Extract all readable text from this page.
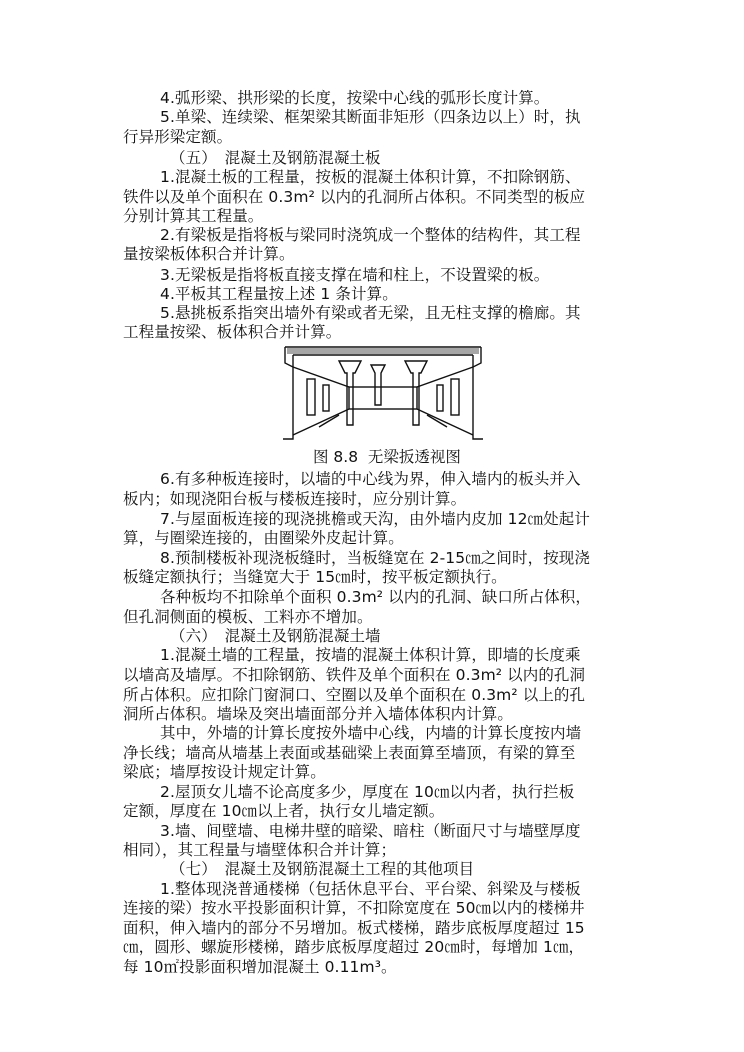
4.弧形梁、拱形梁的长度，按梁中心线的弧形长度计算。
5.单梁、连续梁、框架梁其断面非矩形（四条边以上）时，执
行异形梁定额。
（五）　混凝土及钢筋混凝土板
1.混凝土板的工程量，按板的混凝土体积计算，不扣除钢筋、
铁件以及单个面积在 0.3m² 以内的孔洞所占体积。不同类型的板应
分别计算其工程量。
2.有梁板是指将板与梁同时浇筑成一个整体的结构件，其工程
量按梁板体积合并计算。
3.无梁板是指将板直接支撑在墙和柱上，不设置梁的板。
4.平板其工程量按上述 1 条计算。
5.悬挑板系指突出墙外有梁或者无梁，且无柱支撑的檐廊。其
工程量按梁、板体积合并计算。
6.有多种板连接时，以墙的中心线为界，伸入墙内的板头并入
板内；如现浇阳台板与楼板连接时，应分别计算。
7.与屋面板连接的现浇挑檐或天沟，由外墙内皮加 12㎝处起计
算，与圈梁连接的，由圈梁外皮起计算。
8.预制楼板补现浇板缝时，当板缝宽在 2-15㎝之间时，按现浇
板缝定额执行；当缝宽大于 15㎝时，按平板定额执行。
各种板均不扣除单个面积 0.3m² 以内的孔洞、缺口所占体积，
但孔洞侧面的模板、工料亦不增加。
（六）　混凝土及钢筋混凝土墙
1.混凝土墙的工程量，按墙的混凝土体积计算，即墙的长度乘
以墙高及墙厚。不扣除钢筋、铁件及单个面积在 0.3m² 以内的孔洞
所占体积。应扣除门窗洞口、空圈以及单个面积在 0.3m² 以上的孔
洞所占体积。墙垛及突出墙面部分并入墙体体积内计算。
其中，外墙的计算长度按外墙中心线，内墙的计算长度按内墙
净长线；墙高从墙基上表面或基础梁上表面算至墙顶，有梁的算至
梁底；墙厚按设计规定计算。
2.屋顶女儿墙不论高度多少，厚度在 10㎝以内者，执行拦板
定额，厚度在 10㎝以上者，执行女儿墙定额。
3.墙、间壁墙、电梯井壁的暗梁、暗柱（断面尺寸与墙壁厚度
相同），其工程量与墙壁体积合并计算；
（七）　混凝土及钢筋混凝土工程的其他项目
1.整体现浇普通楼梯（包括休息平台、平台梁、斜梁及与楼板
连接的梁）按水平投影面积计算，不扣除宽度在 50㎝以内的楼梯井
面积，伸入墙内的部分不另增加。板式楼梯，踏步底板厚度超过 15
㎝，圆形、螺旋形楼梯，踏步底板厚度超过 20㎝时，每增加 1㎝，
每 10㎡投影面积增加混凝土 0.11m³。
图 8.8  无梁扳透视图
